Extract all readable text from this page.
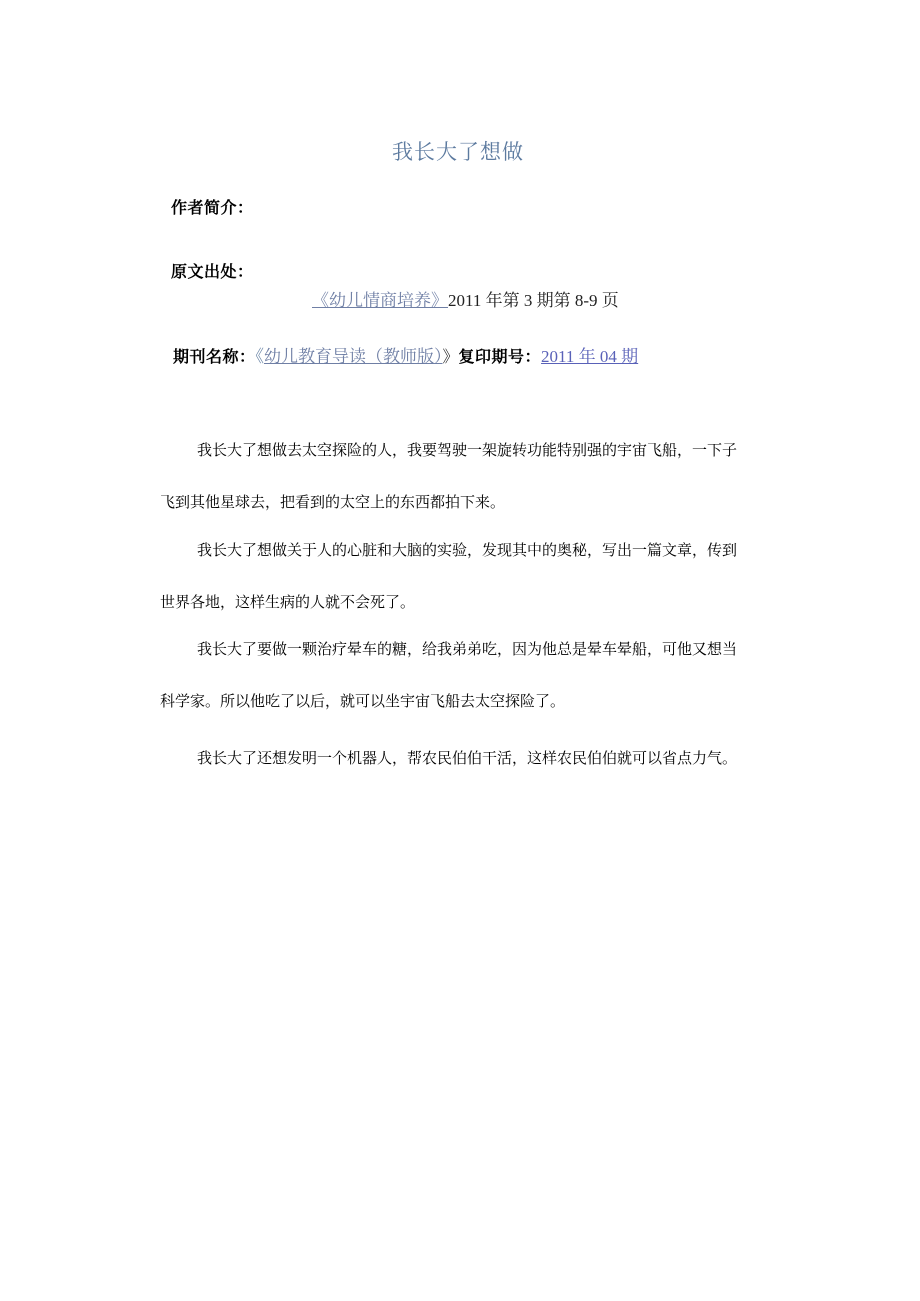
我长大了想做
作者简介：
原文出处：
《幼儿情商培养》2011 年第 3 期第 8-9 页
期刊名称：《幼儿教育导读（教师版）》复印期号：2011 年 04 期
我长大了想做去太空探险的人，我要驾驶一架旋转功能特别强的宇宙飞船，一下子
飞到其他星球去，把看到的太空上的东西都拍下来。
我长大了想做关于人的心脏和大脑的实验，发现其中的奥秘，写出一篇文章，传到
世界各地，这样生病的人就不会死了。
我长大了要做一颗治疗晕车的糖，给我弟弟吃，因为他总是晕车晕船，可他又想当
科学家。所以他吃了以后，就可以坐宇宙飞船去太空探险了。
我长大了还想发明一个机器人，帮农民伯伯干活，这样农民伯伯就可以省点力气。
